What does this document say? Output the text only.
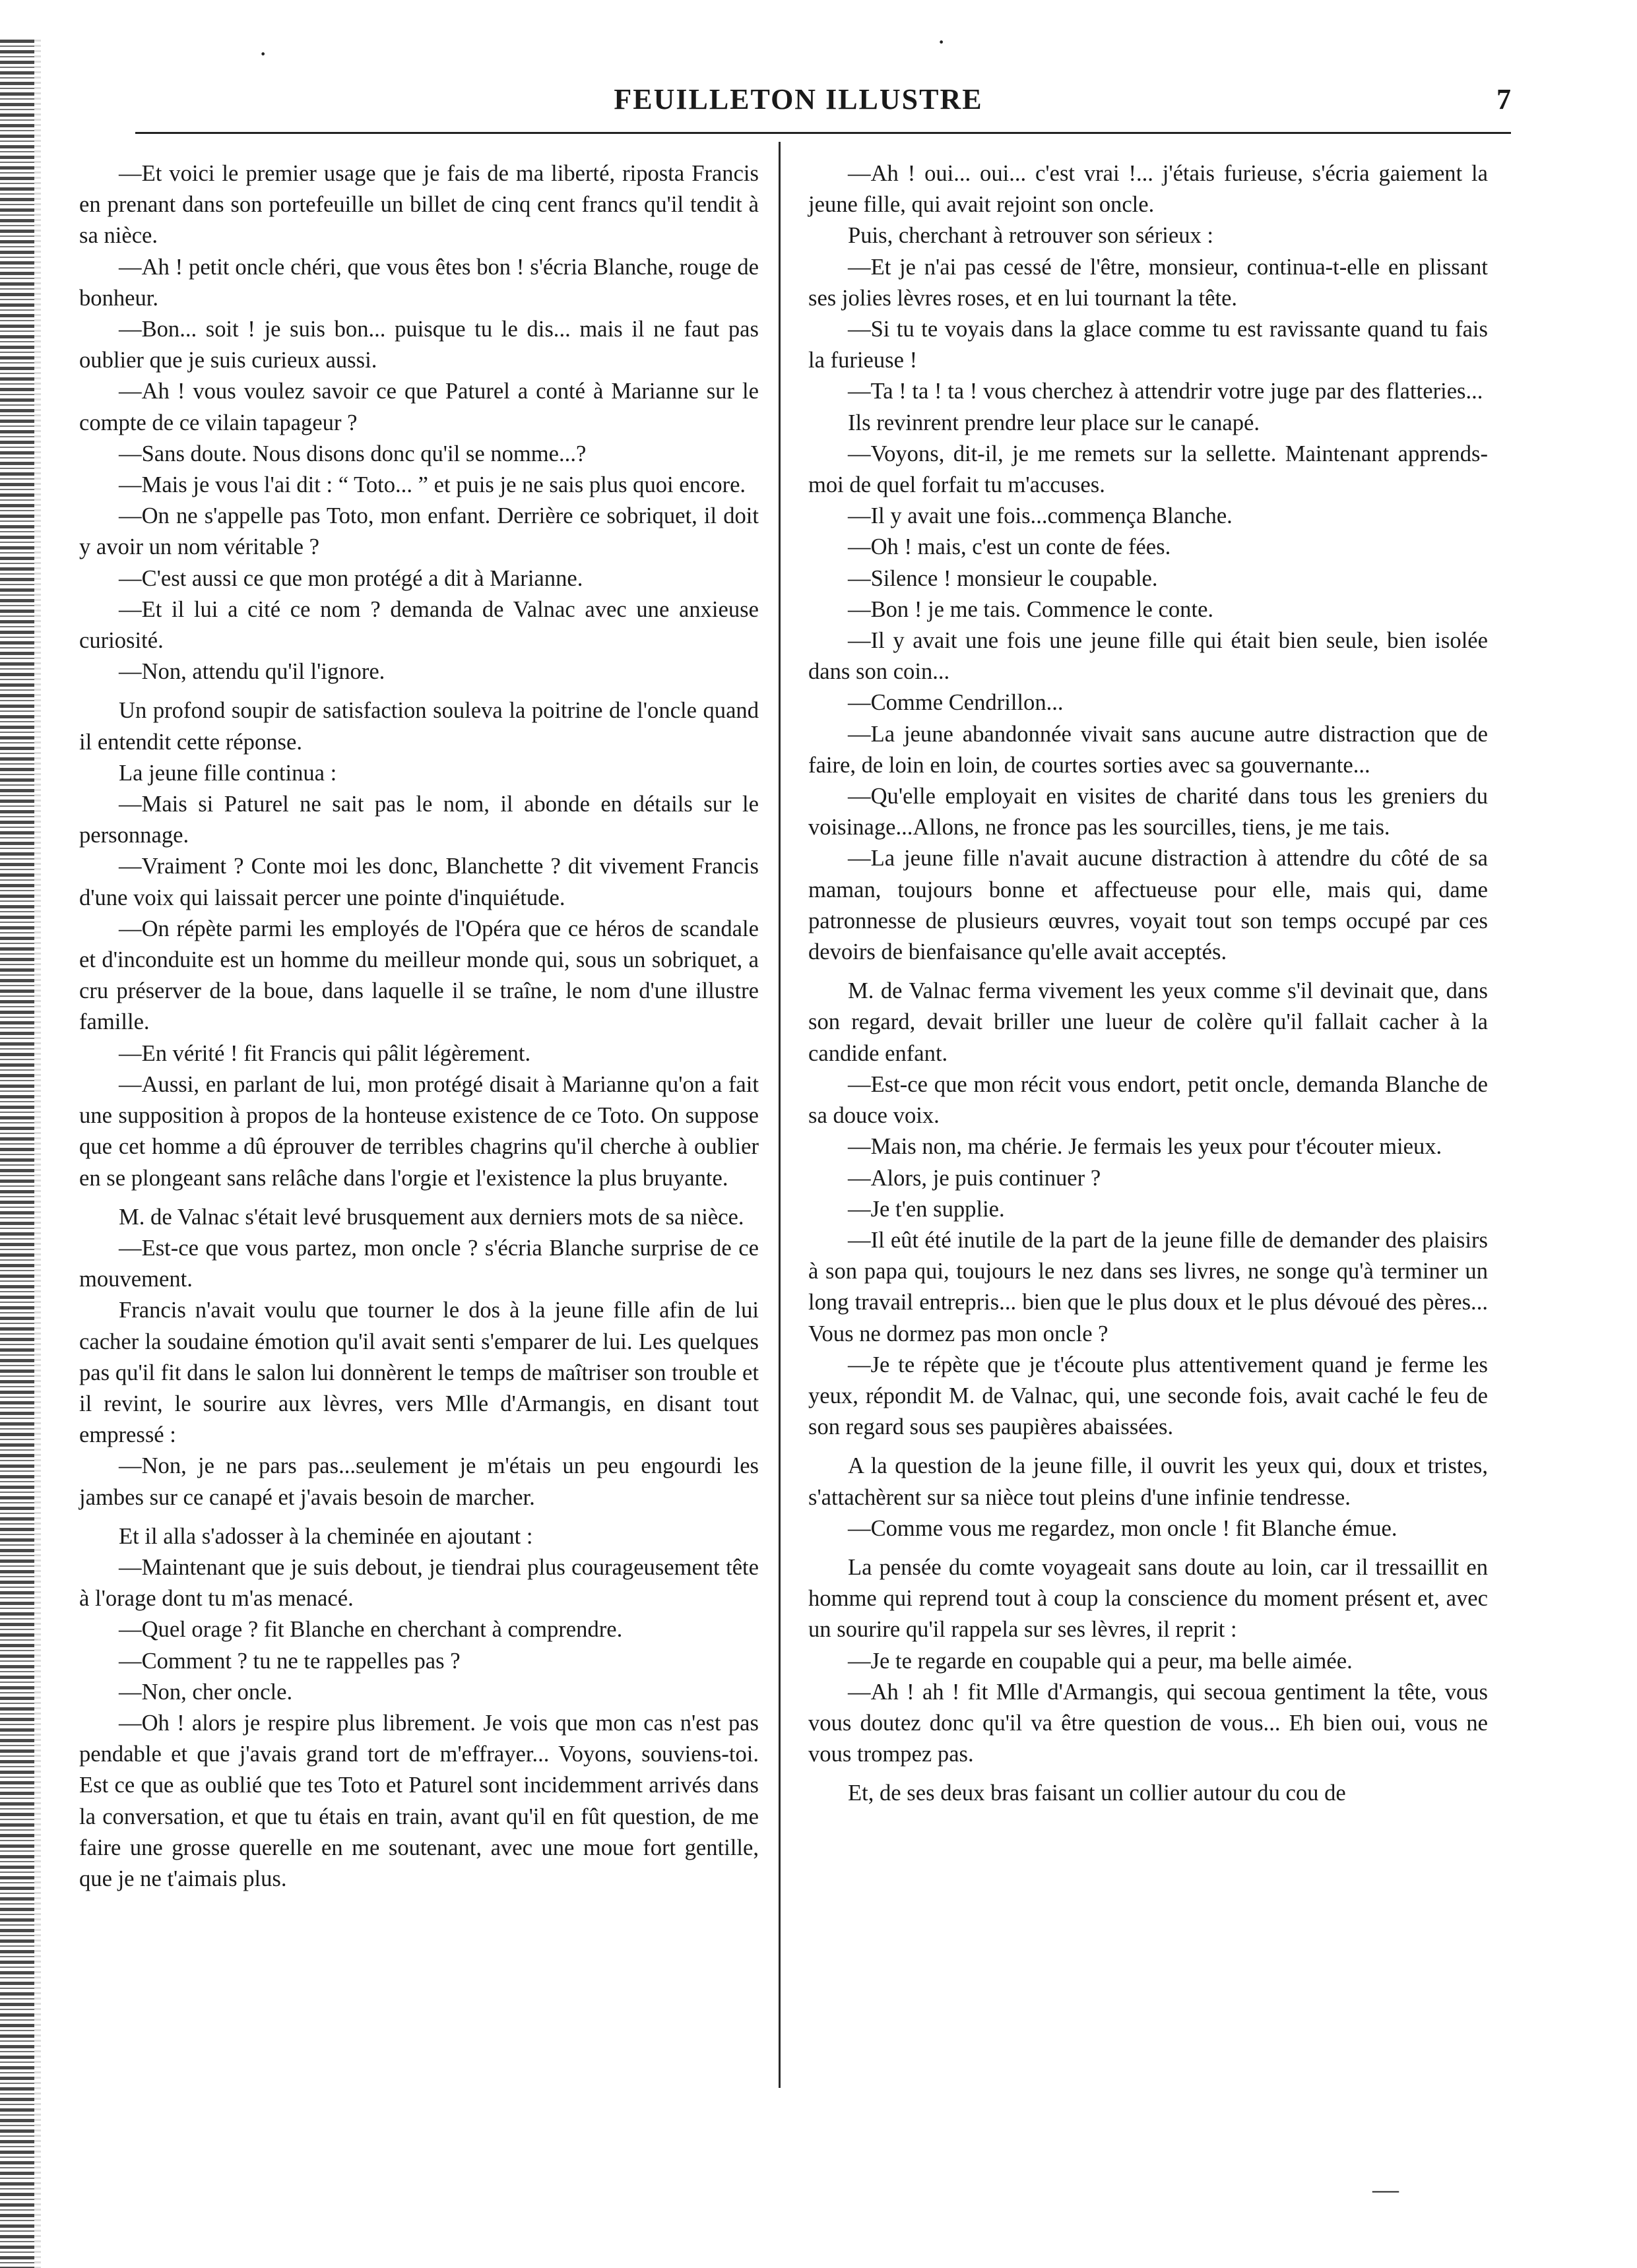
·	·
FEUILLETON ILLUSTRE	7

—Et voici le premier usage que je fais de ma liberté, riposta Francis en prenant dans son portefeuille un billet de cinq cent francs qu'il tendit à sa nièce.

—Ah ! petit oncle chéri, que vous êtes bon ! s'écria Blanche, rouge de bonheur.

—Bon... soit ! je suis bon... puisque tu le dis... mais il ne faut pas oublier que je suis curieux aussi.

—Ah ! vous voulez savoir ce que Paturel a conté à Marianne sur le compte de ce vilain tapageur ?

—Sans doute. Nous disons donc qu'il se nomme...?

—Mais je vous l'ai dit : “ Toto... ” et puis je ne sais plus quoi encore.

—On ne s'appelle pas Toto, mon enfant. Derrière ce sobriquet, il doit y avoir un nom véritable ?

—C'est aussi ce que mon protégé a dit à Marianne.

—Et il lui a cité ce nom ? demanda de Valnac avec une anxieuse curiosité.

—Non, attendu qu'il l'ignore.

Un profond soupir de satisfaction souleva la poitrine de l'oncle quand il entendit cette réponse.

La jeune fille continua :

—Mais si Paturel ne sait pas le nom, il abonde en détails sur le personnage.

—Vraiment ? Conte moi les donc, Blanchette ? dit vivement Francis d'une voix qui laissait percer une pointe d'inquiétude.

—On répète parmi les employés de l'Opéra que ce héros de scandale et d'inconduite est un homme du meilleur monde qui, sous un sobriquet, a cru préserver de la boue, dans laquelle il se traîne, le nom d'une illustre famille.

—En vérité ! fit Francis qui pâlit légèrement.

—Aussi, en parlant de lui, mon protégé disait à Marianne qu'on a fait une supposition à propos de la honteuse existence de ce Toto. On suppose que cet homme a dû éprouver de terribles chagrins qu'il cherche à oublier en se plongeant sans relâche dans l'orgie et l'existence la plus bruyante.

M. de Valnac s'était levé brusquement aux derniers mots de sa nièce.

—Est-ce que vous partez, mon oncle ? s'écria Blanche surprise de ce mouvement.

Francis n'avait voulu que tourner le dos à la jeune fille afin de lui cacher la soudaine émotion qu'il avait senti s'emparer de lui. Les quelques pas qu'il fit dans le salon lui donnèrent le temps de maîtriser son trouble et il revint, le sourire aux lèvres, vers Mlle d'Armangis, en disant tout empressé :

—Non, je ne pars pas...seulement je m'étais un peu engourdi les jambes sur ce canapé et j'avais besoin de marcher.

Et il alla s'adosser à la cheminée en ajoutant :

—Maintenant que je suis debout, je tiendrai plus courageusement tête à l'orage dont tu m'as menacé.

—Quel orage ? fit Blanche en cherchant à comprendre.

—Comment ? tu ne te rappelles pas ?

—Non, cher oncle.

—Oh ! alors je respire plus librement. Je vois que mon cas n'est pas pendable et que j'avais grand tort de m'effrayer... Voyons, souviens-toi. Est ce que as oublié que tes Toto et Paturel sont incidemment arrivés dans la conversation, et que tu étais en train, avant qu'il en fût question, de me faire une grosse querelle en me soutenant, avec une moue fort gentille, que je ne t'aimais plus.

—Ah ! oui... oui... c'est vrai !... j'étais furieuse, s'écria gaiement la jeune fille, qui avait rejoint son oncle.

Puis, cherchant à retrouver son sérieux :

—Et je n'ai pas cessé de l'être, monsieur, continua-t-elle en plissant ses jolies lèvres roses, et en lui tournant la tête.

—Si tu te voyais dans la glace comme tu est ravissante quand tu fais la furieuse !

—Ta ! ta ! ta ! vous cherchez à attendrir votre juge par des flatteries...

Ils revinrent prendre leur place sur le canapé.

—Voyons, dit-il, je me remets sur la sellette. Maintenant apprends-moi de quel forfait tu m'accuses.

—Il y avait une fois...commença Blanche.

—Oh ! mais, c'est un conte de fées.

—Silence ! monsieur le coupable.

—Bon ! je me tais. Commence le conte.

—Il y avait une fois une jeune fille qui était bien seule, bien isolée dans son coin...

—Comme Cendrillon...

—La jeune abandonnée vivait sans aucune autre distraction que de faire, de loin en loin, de courtes sorties avec sa gouvernante...

—Qu'elle employait en visites de charité dans tous les greniers du voisinage...Allons, ne fronce pas les sourcilles, tiens, je me tais.

—La jeune fille n'avait aucune distraction à attendre du côté de sa maman, toujours bonne et affectueuse pour elle, mais qui, dame patronnesse de plusieurs œuvres, voyait tout son temps occupé par ces devoirs de bienfaisance qu'elle avait acceptés.

M. de Valnac ferma vivement les yeux comme s'il devinait que, dans son regard, devait briller une lueur de colère qu'il fallait cacher à la candide enfant.

—Est-ce que mon récit vous endort, petit oncle, demanda Blanche de sa douce voix.

—Mais non, ma chérie. Je fermais les yeux pour t'écouter mieux.

—Alors, je puis continuer ?

—Je t'en supplie.

—Il eût été inutile de la part de la jeune fille de demander des plaisirs à son papa qui, toujours le nez dans ses livres, ne songe qu'à terminer un long travail entrepris... bien que le plus doux et le plus dévoué des pères... Vous ne dormez pas mon oncle ?

—Je te répète que je t'écoute plus attentivement quand je ferme les yeux, répondit M. de Valnac, qui, une seconde fois, avait caché le feu de son regard sous ses paupières abaissées.

A la question de la jeune fille, il ouvrit les yeux qui, doux et tristes, s'attachèrent sur sa nièce tout pleins d'une infinie tendresse.

—Comme vous me regardez, mon oncle ! fit Blanche émue.

La pensée du comte voyageait sans doute au loin, car il tressaillit en homme qui reprend tout à coup la conscience du moment présent et, avec un sourire qu'il rappela sur ses lèvres, il reprit :

—Je te regarde en coupable qui a peur, ma belle aimée.

—Ah ! ah ! fit Mlle d'Armangis, qui secoua gentiment la tête, vous vous doutez donc qu'il va être question de vous... Eh bien oui, vous ne vous trompez pas.

Et, de ses deux bras faisant un collier autour du cou de

—
